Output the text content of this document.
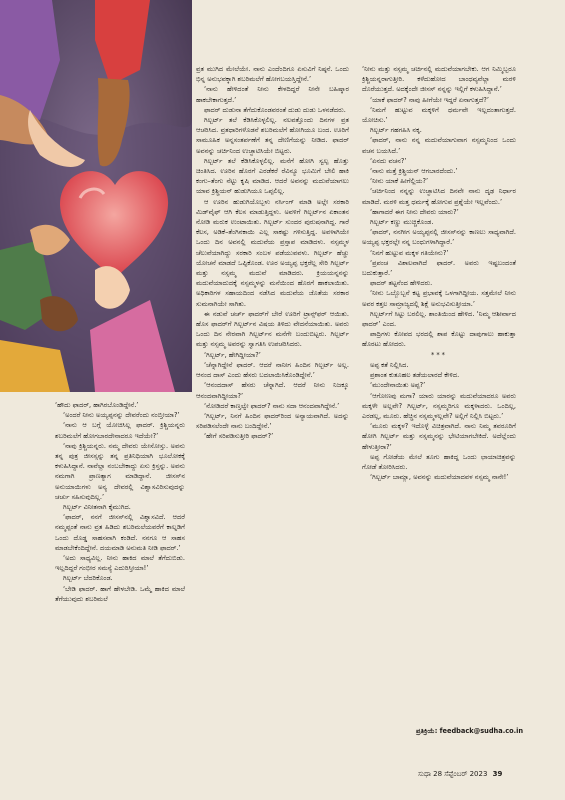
‘ಹೌದು ಫಾದರ್, ಹಾಗಿರಬೊಂಡಿದ್ದೇನೆ.’

‘ಅಂದರೆ ನೀನು ಅಯ್ಯಪ್ಪನನ್ನು ದೇವರೆಂದು ನಂಬ್ತೀಯಾ?’

‘ನಾನು ಆ ಬಗ್ಗೆ ಯೋಚಿಸಿಲ್ಲ ಫಾದರ್. ಕ್ರಿಶ್ಚಿಯನ್ನರು ಶಬರಿಮಲೆಗೆ ಹೋಗಬಾರದೇನಾದರೂ ಇದೆಯೇ?’

‘ನಾವು ಕ್ರಿಶ್ಚಿಯನ್ನರು. ನಮ್ಮ ದೇವರು ಯೇಸೋಸ್ತು. ಅವನು ತನ್ನ ಪುತ್ರ ಜೀಸಸ್ಸನ್ನು ತನ್ನ ಪ್ರತಿನಿಧಿಯಾಗಿ ಭೂಲೋಕಕ್ಕೆ ಕಳುಹಿಸಿದ್ದಾನೆ. ನಾವೆಲ್ಲಾ ನಂಬಬೇಕಾದ್ದು ಏಸು ಕ್ರಿಸ್ತನ್ನು. ಅವನು ನಮಗಾಗಿ ಪ್ರಾಣತ್ಯಾಗ ಮಾಡಿದ್ದಾನೆ. ಜೀಸಸ್‌ನ ಅನುಯಾಯಿಗಳು ಅನ್ಯ ದೇವರಲ್ಲಿ ವಿಶ್ವಾಸವಿರಿಸುವುದನ್ನು ಚರ್ಚು ಸಹಿಸುವುದಿಲ್ಲ.’

ಗಿಲ್ಬರ್ಟ್ ವಿನೀತನಾಗಿ ಕೈಮುಗಿದ.

‘ಫಾದರ್, ನನಗೆ ಜೀಸಸ್‌ನಲ್ಲಿ ವಿಶ್ವಾಸವಿದೆ. ಆದರೆ ನಮ್ಮಪ್ಪಂತೆ ನಾನು ವ್ರತ ಹಿಡಿದು ಶಬರಿಮಲೆಯವರೆಗೆ ಕಾಲ್ನಡಿಗೆ ಒಂದು ದೊಡ್ಡ ಸಾಹಸವಾಗಿ ಕಂಡಿದೆ. ನನಗೂ ಆ ಸಾಹಸ ಮಾಡಬೇಕೆಂದಿದ್ದೇನೆ. ದಯಮಾಡಿ ಅನುಮತಿ ನೀಡಿ ಫಾದರ್.’

‘ಅದು ಸಾಧ್ಯವಿಲ್ಲ. ನೀನು ಹಾಕಿದ ಮಾಲೆ ತೆಗೆದುಬಿಡು. ಇಲ್ಲದಿದ್ದರೆ ಗಂಭೀರ ಸಮಸ್ಯೆ ಎದುರಿಸ್ತೀಯಾ!’

ಗಿಲ್ಬರ್ಟ್ ಬೆದರಿಕೊಂಡ.

‘ಬೇಡಿ ಫಾದರ್. ಹಾಗೆ ಹೇಳಬೇಡಿ. ಒಮ್ಮೆ ಹಾಕಿದ ಮಾಲೆ ತೆಗೆಯುವುದು ಶಬರಿಮಲೆ

ವ್ರತ ಮುಗಿದ ಮೇಲೆಯೇ. ನಾನು ಎಂದೆಂದಿಗೂ ಏಸುವಿಗೆ ನಿಷ್ಠನೆ. ಒಂದು ಭಿನ್ನ ಅನುಭವಕ್ಕಾಗಿ ಶಬರಿಮಲೆಗೆ ಹೋಗಬಯಸ್ತಿದ್ದೇನೆ.’

‘ನಾನು ಹೇಳಿದಂತೆ ನೀನು ಕೇಳದಿದ್ದರೆ ನೀನೇ ಬಹಿಷ್ಕಾರ ಹಾಕಬೇಕಾಗುತ್ತದೆ.’

ಫಾದರ್ ದುಡುನಾ ತೆಗೆದುಕೊಂಡವರಂತೆ ದುಡು ದುಡು ಒಳನಡೆದರು.

ಗಿಲ್ಬರ್ಟ್ ತಲೆ ಕೆಡಿಸಿಕೊಳ್ಳಲಿಲ್ಲ. ನಲವತ್ತೊಂದು ದಿನಗಳ ವ್ರತ ಆಚರಿಸಿದ. ವ್ರತಧಾರಿಗಳೊಡನೆ ಶಬರಿಮಲೆಗೆ ಹೋಗಿಯೂ ಬಂದ. ಊರಿಗೆ ಸಾಮೂಹಿಕ ಅನ್ನಸಂತರ್ಪಣೆಗೆ ತನ್ನ ದೇಣಿಗೆಯನ್ನು ನೀಡಿದ. ಫಾದರ್ ಅವನನ್ನು ಚರ್ಚಿನಿಂದ ಉಚ್ಛಾಟಿಸಿಯೇ ಬಿಟ್ಟರು.

ಗಿಲ್ಬರ್ಟ್ ತಲೆ ಕೆಡಿಸಿಕೊಳ್ಳಲಿಲ್ಲ. ಮನೆಗೆ ಹೋಗಿ ಸ್ವಲ್ಪ ಹೊತ್ತು ಚಿಂತಿಸಿದ. ಊರಿನ ಹೊರಗೆ ಎರಡೆಕರೆ ರೆವಿನ್ಯೂ ಭೂಮಿಗೆ ಬೇಲಿ ಹಾಕಿ ಕಂಗು–ತೆಂಗು ನೆಟ್ಟು ಕೃಷಿ ಮಾಡಿದ. ಆದರೆ ಅವನನ್ನು ಮದುವೆಯಾಗಲು ಯಾವ ಕ್ರಿಶ್ಚಿಯನ್ ಹುಡುಗಿಯೂ ಒಪ್ಪಲಿಲ್ಲ.

ಆ ಊರಿನ ಹುಡುಗಿಯೊಬ್ಬಳು ನರ್ಸಿಂಗ್ ಮಾಡಿ ಅಲ್ಲೇ ಸರಕಾರಿ ಮಿಡ್‌ವೈಫ್ ಆಗಿ ಕೆಲಸ ಮಾಡುತ್ತಿದ್ದಳು. ಅವಳಿಗೆ ಗಿಲ್ಬರ್ಟ್‌ನ ಏಕಾಂತನ ನೋಡಿ ಮರುಕ ಉಂಟಾಯಿತು. ಗಿಲ್ಬರ್ಟ್ ಸುಂದರ ಪುರುಷನಾಗಿದ್ದ. ಗಾರೆ ಕೆಲಸ, ಅಡಿಕೆ–ತೆಂಗಿನಕಾಯಿ ಎಲ್ಲ ಸಾಕಷ್ಟು ಗಳಿಸುತ್ತಿದ್ದ. ಅವಳಾಗಿಯೇ ಒಂದು ದಿನ ಅವನಲ್ಲಿ ಮದುವೆಯ ಪ್ರಸ್ತಾಪ ಮಾಡಿದಳು. ನಸ್ಸಮ್ಮಳ ಚೆಲುವೆಯಾಗಿದ್ದು ಸರಕಾರಿ ಸಂಬಳ ಪಡೆಯುವವಳು. ಗಿಲ್ಬರ್ಟ್ ಹೆಚ್ಚು ಯೋಚನೆ ಮಾಡದೆ ಒಪ್ಪಿಕೊಂಡ. ಊರ ಅಯ್ಯಪ್ಪ ಭಕ್ತರೆಲ್ಲ ಸೇರಿ ಗಿಲ್ಬರ್ಟ್ ಮತ್ತು ನಸ್ಸಮ್ಮ ಮದುವೆ ಮಾಡಿದರು. ಕ್ರಿಯಯನ್ನನನ್ನು ಮದುವೆಯಾದುದಕ್ಕೆ ನಸ್ಸಮ್ಮಳನ್ನು ಮನೆಯಿಂದ ಹೊರಗೆ ಹಾಕಲಾಯಿತು. ಅಧಿಕಾರಿಗಳ ಸಹಾಯದಿಂದ ನಡೆಸಿದ ಮದುವೆಯ ಜೊತೆಯ ಸರಕಾರ ಸುಮನಾಗಿಯೇ ಸಾಗಿತು.

ಈ ನಡುವೆ ಚರ್ಚ್‌ ಫಾದರ್‌ಗೆ ಬೇರೆ ಊರಿಗೆ ಟ್ರಾನ್ಸ್‌ಫರ್ ಆಯಿತು. ಹೊಸ ಫಾದರ್‌ಗೆ ಗಿಲ್ಬರ್ಟ್‌ನ ವಿಷಯ ತಿಳಿದು ವೇದನೆಯಾಯಿತು. ಅವರು ಒಂದು ದಿನ ನೇರವಾಗಿ ಗಿಲ್ಬರ್ಟ್‌ನ ಮನೆಗೇ ಬಂದುಬಿಟ್ಟರು. ಗಿಲ್ಬರ್ಟ್ ಮತ್ತು ನಸ್ಸಮ್ಮ ಅವರನ್ನು ಸ್ವಾಗತಿಸಿ ಉಪಚರಿಸಿದರು.

‘ಗಿಲ್ಬರ್ಟ್, ಹೇಗಿದ್ದೀಯಾ?’

‘ಚೆನ್ನಾಗಿದ್ದೇನೆ ಫಾದರ್. ಆದರೆ ನಾನೀಗ ಹಿಂದಿನ ಗಿಲ್ಬರ್ಟ್ ಅಲ್ಲ. ಆನಂದ ದಾಸ್ ಎಂದು ಹೆಸರು ಬದಲಾಯಿಸಿಕೊಂಡಿದ್ದೇನೆ.’

‘ಆನಂದದಾಸ್ ಹೆಸರು ಚೆನ್ನಾಗಿದೆ. ಆದರೆ ನೀನು ನಿಜಕ್ಕೂ ಆನಂದವಾಗಿದ್ದೀಯಾ?’

‘ನೋಡಿದರೆ ಕಾಣ್ತಲ್ವೇ ಫಾದರ್? ನಾನು ಸದಾ ಆನಂದವಾಗಿದ್ದೇನೆ.’

‘ಗಿಲ್ಬರ್ಟ್, ನಿನಗೆ ಹಿಂದಿನ ಫಾದರ್‌ರಿಂದ ಅನ್ಯಾಯವಾಗಿದೆ. ಅದನ್ನು ಸರಿಪಡಿಸಲೆಂದೇ ನಾನು ಬಂದಿದ್ದೇನೆ.’

‘ಹೇಗೆ ಸರಿಪಡಿಸುತ್ತೀರಿ ಫಾದರ್?’

‘ನೀನು ಮತ್ತು ನಸ್ಸಮ್ಮ ಚರ್ಚಿನಲ್ಲಿ ಮದುವೆಯಾಗಬೇಕು. ಆಗ ನಿಮ್ಮಿಬ್ಬರೂ ಕ್ರಿಶ್ಚಿಯನ್ನರಾಗುತ್ತೀರಿ. ಕಳೆದುಹೋದ ಬಾಂಧವ್ಯವೆಲ್ಲಾ ಮರಳಿ ದೊರೆಯುತ್ತದೆ. ಅದಕ್ಕೆಂದೇ ಜೀಸಸ್ ನನ್ನನ್ನು ಇಲ್ಲಿಗೆ ಕಳುಹಿಸಿದ್ದಾನೆ.’

‘ಯಾಕೆ ಫಾದರ್? ನಾವು ಹೀಗೆಯೇ ಇದ್ದರೆ ಏನಾಗುತ್ತದೆ?’

‘ನಿಮಗೆ ಹುಟ್ಟುವ ಮಕ್ಕಳಿಗೆ ಧರ್ಮವೇ ಇಲ್ಲದಂತಾಗುತ್ತದೆ. ಯೋಚಿಸು.’

ಗಿಲ್ಬರ್ಟ್ ಗಹಗಹಿಸಿ ನಕ್ಕ.

‘ಫಾದರ್, ನಾನು ನನ್ನ ಮದುವೆಯಾಗುವಾಗ ನಸ್ಸಮ್ಮನಿಂದ ಒಂದು ವಚನ ಬಯಸಿದೆ.’

‘ಏನದು ವಚನ?’

‘ನಾನು ಮತ್ತೆ ಕ್ರಿಶ್ಚಿಯನ್ ಆಗಬಾರದೆಂದು.’

‘ನೀನು ಯಾಕೆ ಹೀಗೆಲ್ಲಿಯ?’

‘ಚರ್ಚಿನಿಂದ ನನ್ನನ್ನು ಉಚ್ಛಾಟಿಸಿದ ದಿನವೇ ನಾನು ದೃಢ ನಿರ್ಧಾರ ಮಾಡಿದೆ. ಮರಳಿ ಮತ್ತ ಧರ್ಮಕ್ಕೆ ಹೋಗುವ ಪ್ರಶ್ನೆಯೇ ಇಲ್ಲವೆಂದು.’

‘ಹಾಗಾದರೆ ಈಗ ನೀನು ದೇವರು ಯಾರು?’

ಗಿಲ್ಬರ್ಟ್ ಕಣ್ಣು ಮುಚ್ಚಿಕೊಂಡ.

‘ಫಾದರ್, ನನಗೀಗ ಅಯ್ಯಪ್ಪನಲ್ಲಿ ಜೀಸಸ್‌ನನ್ನು ಕಾಣಲು ಸಾಧ್ಯವಾಗಿದೆ. ಅಯ್ಯಪ್ಪ ಭಕ್ತರಲ್ಲೇ ನನ್ನ ಬಂಧುಗಳಾಗಿದ್ದಾರೆ.’

‘ನಿನಗೆ ಹುಟ್ಟುವ ಮಕ್ಕಳ ಗತಿಯೇನು?’

‘ಪ್ರಪಂಚ ವಿಶಾಲವಾಗಿದೆ ಫಾದರ್. ಅವರು ಇಷ್ಟಬಂದಂತೆ ಬದುಕುತ್ತಾರೆ.’

ಫಾದರ್ ತಟ್ಟನೆಂದ ಹೇಳಿದರು.

‘ನೀನು ಒಬ್ಬೊಬ್ಬನೆ ಕಟ್ಟ ಪ್ರಭಾವಕ್ಕೆ ಒಳಗಾಗಿದ್ದೀಯ. ಸತ್ತಮೇಲೆ ನೀನು ಅವರ ಕತ್ತಲ ಸಾಮ್ರಾಜ್ಯದಲ್ಲಿ ಶಿಕ್ಷೆ ಅನುಭವಿಸುತ್ತೀಯಾ.’

ಗಿಲ್ಬರ್ಟ್‌ಗೆ ಸಿಟ್ಟು ಬರಲಿಲ್ಲ. ಶಾಂತಿಯಿಂದ ಹೇಳಿದ. ‘ನಿಮ್ಮ ಆಶೀರ್ವಾದ ಫಾದರ್’ ಎಂದ.

ಪಾದ್ರಿಗಳು ಕೋಪದ ಭರದಲ್ಲಿ ಶಾಪ ಕೊಟ್ಟು ದಾಪುಗಾಲು ಹಾಕುತ್ತಾ ಹೊರಟು ಹೋದರು.

***

ಅಪ್ಪ ಕತೆ ನಿಲ್ಲಿಸಿದ.

ಪ್ರಶಾಂತ ಕುತೂಹಲ ತಡೆಯಲಾರದೆ ಕೇಳಿದ.

‘ಮುಂದೇನಾಯಿತು ಅಪ್ಪ?’

‘ಆಗೋಣವು ಮಗಾ? ಯಾರು ಯಾರನ್ನು ಮದುವೆಯಾದರೂ ಅವರು ಮಕ್ಕಳೇ ಅಲ್ಲವೇ? ಗಿಲ್ಬರ್ಟ್, ನಸ್ಸಮ್ಮರಿಗೂ ಮಕ್ಕಳಾದರು. ಒಂದಿಲ್ಲ, ಎರಡಲ್ಲ, ಮೂರು. ಹೆಚ್ಚಿನ ನಸ್ಸಮ್ಮಳಲ್ಲವೇ? ಅಲ್ಲಿಗೆ ನಿಲ್ಲಿಸಿ ಬಿಟ್ಟರು.’

‘ಮೂರು ಮಕ್ಕಳ? ಇದೊಳ್ಳೆ ವಿಚಿತ್ರವಾಗಿದೆ. ನಾನು ನಿಮ್ಮ ತವರೂರಿಗೆ ಹೋಗಿ ಗಿಲ್ಬರ್ಟ್ ಮತ್ತು ನಸ್ಸಮ್ಮನನ್ನು ಭೇಟಿಯಾಗಬೇಕಿದೆ. ಅದೆಲ್ಲೆಂದು ಹೇಳುತ್ತೀರಾ?’

ಅಪ್ಪ ಗೋಡೆಯ ಮೇಲೆ ತೂಗು ಹಾಕಿದ್ದ ಒಂದು ಛಾಯಾಚಿತ್ರವನ್ನು ಗೋಡೆ ತೋರಿಸಿದರು.

‘ಗಿಲ್ಬರ್ಟ್ ಬಾಮ್ಲಾ, ಅವನನ್ನು ಮದುವೆಯಾದವಳ ನಸ್ಸಮ್ಮ ನಾನೇ!’

ಪ್ರತಿಕ್ರಿಯೆ: feedback@sudha.co.in
ಸುಧಾ 28 ಸೆಪ್ಟೆಂಬರ್ 2023 39
